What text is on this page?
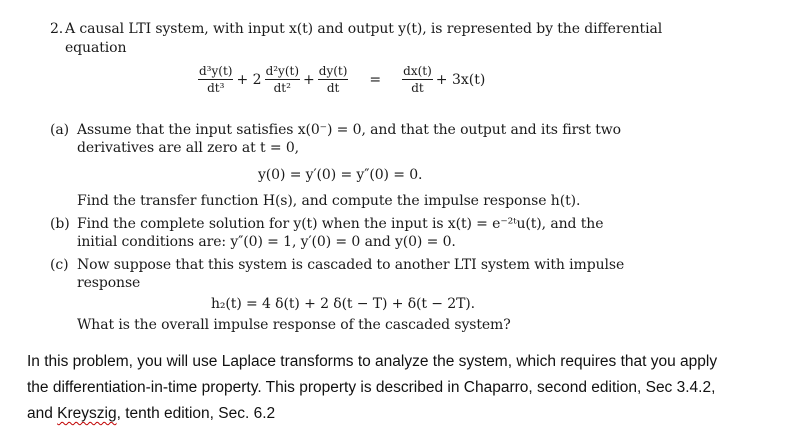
2. A causal LTI system, with input x(t) and output y(t), is represented by the differential
equation
$\frac{\text{d³y(t)}}{\text{dt³}} + 2 \frac{\text{d²y(t)}}{\text{dt²}} + \frac{dy(t)}{dt} = \frac{dx(t)}{dt} + 3x(t)$
(a) Assume that the input satisfies x(0⁻) = 0, and that the output and its first two
derivatives are all zero at t = 0,
y(0) = y′(0) = y″(0) = 0.
Find the transfer function H(s), and compute the impulse response h(t).
(b) Find the complete solution for y(t) when the input is x(t) = e⁻²ᵗu(t), and the
initial conditions are: y″(0) = 1, y′(0) = 0 and y(0) = 0.
(c) Now suppose that this system is cascaded to another LTI system with impulse
response
h₂(t) = 4 δ(t) + 2 δ(t − T) + δ(t − 2T).
What is the overall impulse response of the cascaded system?
In this problem, you will use Laplace transforms to analyze the system, which requires that you apply
the differentiation-in-time property. This property is described in Chaparro, second edition, Sec 3.4.2,
and Kreyszig, tenth edition, Sec. 6.2
